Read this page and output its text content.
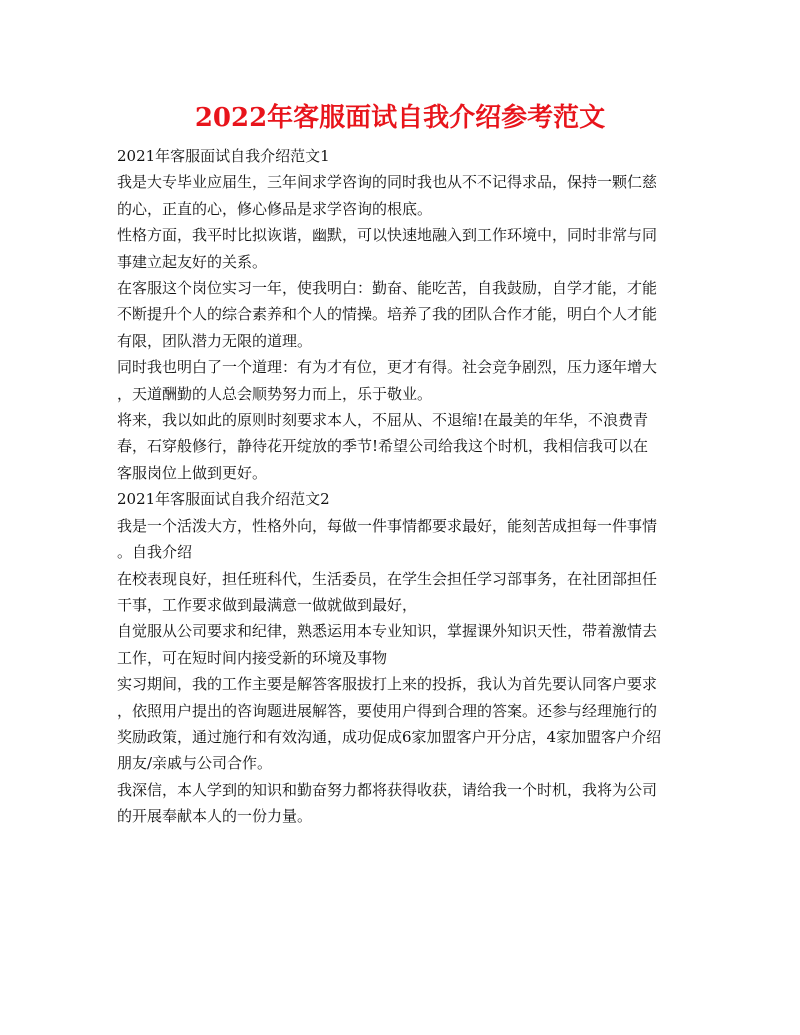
2022年客服面试自我介绍参考范文

2021年客服面试自我介绍范文1

我是大专毕业应届生，三年间求学咨询的同时我也从不不记得求品，保持一颗仁慈

的心，正直的心，修心修品是求学咨询的根底。

性格方面，我平时比拟诙谐，幽默，可以快速地融入到工作环境中，同时非常与同

事建立起友好的关系。

在客服这个岗位实习一年，使我明白：勤奋、能吃苦，自我鼓励，自学才能，才能

不断提升个人的综合素养和个人的情操。培养了我的团队合作才能，明白个人才能

有限，团队潜力无限的道理。

同时我也明白了一个道理：有为才有位，更才有得。社会竞争剧烈，压力逐年增大

，天道酬勤的人总会顺势努力而上，乐于敬业。

将来，我以如此的原则时刻要求本人，不屈从、不退缩!在最美的年华，不浪费青

春，石穿般修行，静待花开绽放的季节!希望公司给我这个时机，我相信我可以在

客服岗位上做到更好。

2021年客服面试自我介绍范文2

我是一个活泼大方，性格外向，每做一件事情都要求最好，能刻苦成担每一件事情

。自我介绍

在校表现良好，担任班科代，生活委员，在学生会担任学习部事务，在社团部担任

干事，工作要求做到最满意一做就做到最好，

自觉服从公司要求和纪律，熟悉运用本专业知识，掌握课外知识天性，带着激情去

工作，可在短时间内接受新的环境及事物

实习期间，我的工作主要是解答客服拔打上来的投拆，我认为首先要认同客户要求

，依照用户提出的咨询题进展解答，要使用户得到合理的答案。还参与经理施行的

奖励政策，通过施行和有效沟通，成功促成6家加盟客户开分店，4家加盟客户介绍

朋友/亲戚与公司合作。

我深信，本人学到的知识和勤奋努力都将获得收获，请给我一个时机，我将为公司

的开展奉献本人的一份力量。
